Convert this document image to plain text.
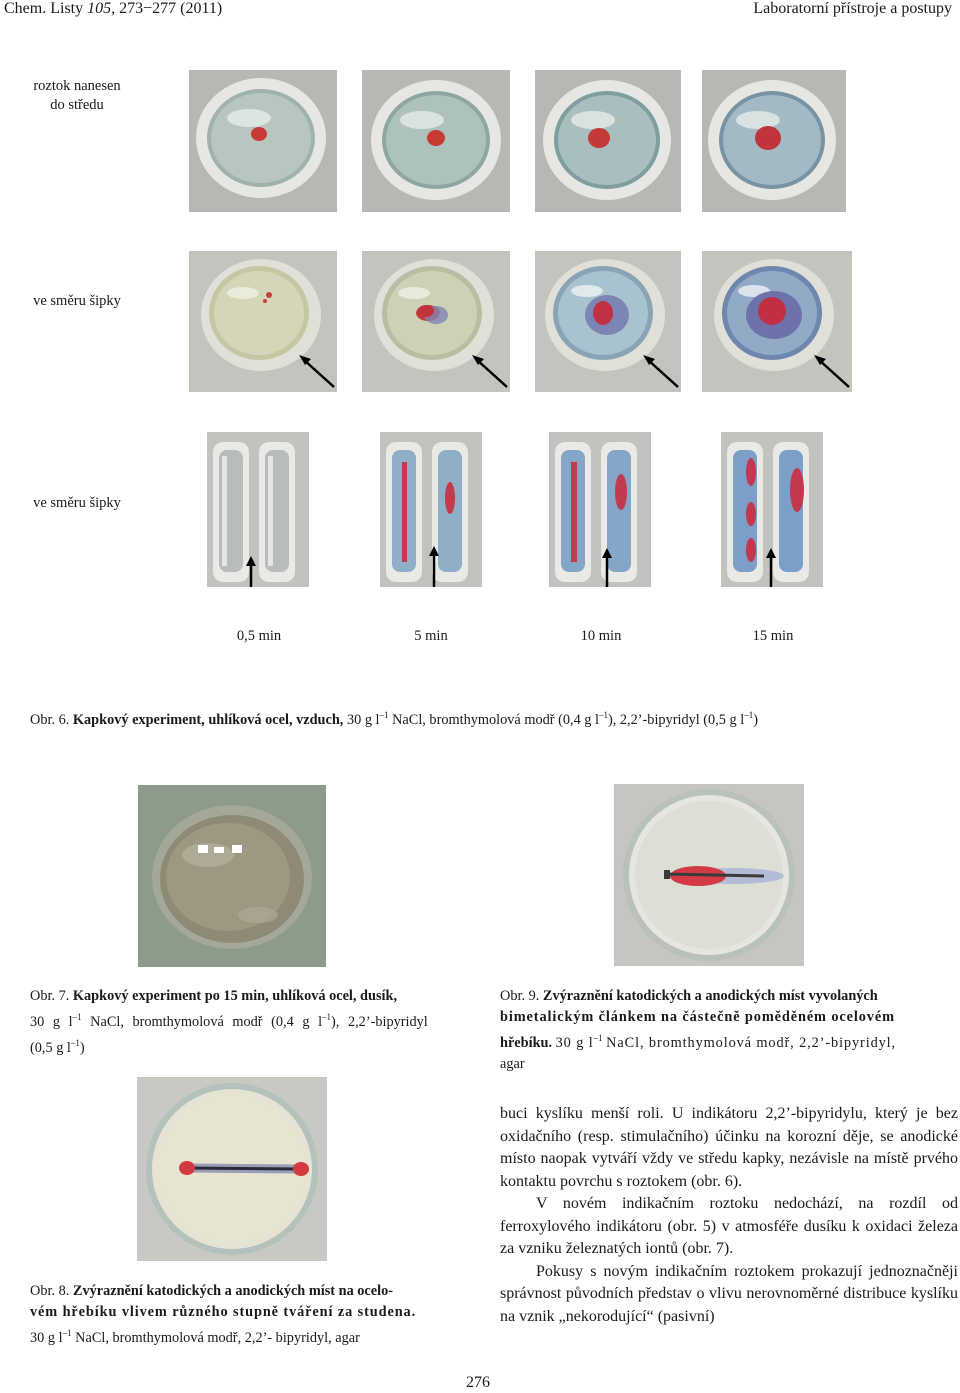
Chem. Listy 105, 273−277 (2011)	Laboratorní přístroje a postupy
roztok nanesen
do středu
ve směru šipky
ve směru šipky
0,5 min	5 min	10 min	15 min
Obr. 6. Kapkový experiment, uhlíková ocel, vzduch, 30 g $l^{-1}$ NaCl, bromthymolová modř (0,4 g $l^{-1}$), 2,2’-bipyridyl (0,5 g $l^{-1}$)
Obr. 7. Kapkový experiment po 15 min, uhlíková ocel, dusík,
30 g $l^{-1}$ NaCl, bromthymolová modř (0,4 g $l^{-1}$), 2,2’-bipyridyl
(0,5 g $l^{-1}$)
Obr. 9. Zvýraznění katodických a anodických míst vyvolaných
bimetalickým článkem na částečně poměděném ocelovém
hřebíku. 30 g $l^{-1}$ NaCl, bromthymolová modř, 2,2’-bipyridyl,
agar
Obr. 8. Zvýraznění katodických a anodických míst na ocelo-
vém hřebíku vlivem různého stupně tváření za studena.
30 g $l^{-1}$ NaCl, bromthymolová modř, 2,2’- bipyridyl, agar

buci kyslíku menší roli. U indikátoru 2,2’-bipyridylu, který je bez oxidačního (resp. stimulačního) účinku na korozní děje, se anodické místo naopak vytváří vždy ve středu kapky, nezávisle na místě prvého kontaktu povrchu s roztokem (obr. 6).

V novém indikačním roztoku nedochází, na rozdíl od ferroxylového indikátoru (obr. 5) v atmosféře dusíku k oxidaci železa za vzniku železnatých iontů (obr. 7).

Pokusy s novým indikačním roztokem prokazují jednoznačněji správnost původních představ o vlivu nerovnoměrné distribuce kyslíku na vznik „nekorodující“ (pasivní)

276
